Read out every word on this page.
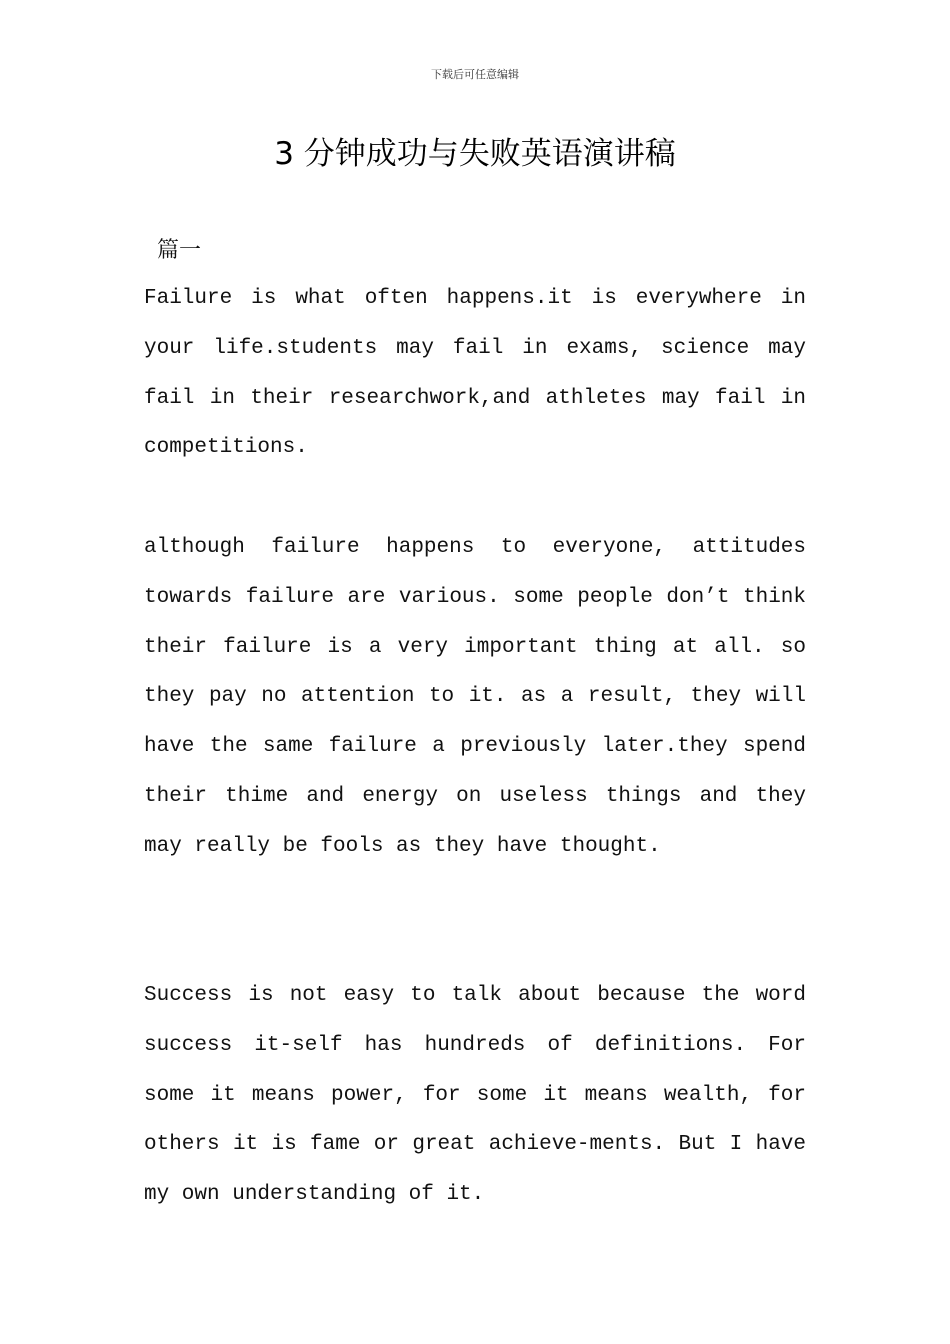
下载后可任意编辑
3 分钟成功与失败英语演讲稿
篇一

Failure is what often happens.it is everywhere in your life.students may fail in exams, science may fail in their researchwork,and athletes may fail in competitions.

although failure happens to everyone, attitudes towards failure are various. some people don’t think their failure is a very important thing at all. so they pay no attention to it. as a result, they will have the same failure a previously later.they spend their thime and energy on useless things and they may really be fools as they have thought.

Success is not easy to talk about because the word success it-self has hundreds of definitions. For some it means power, for some it means wealth, for others it is fame or great achieve-ments. But I have my own understanding of it.
